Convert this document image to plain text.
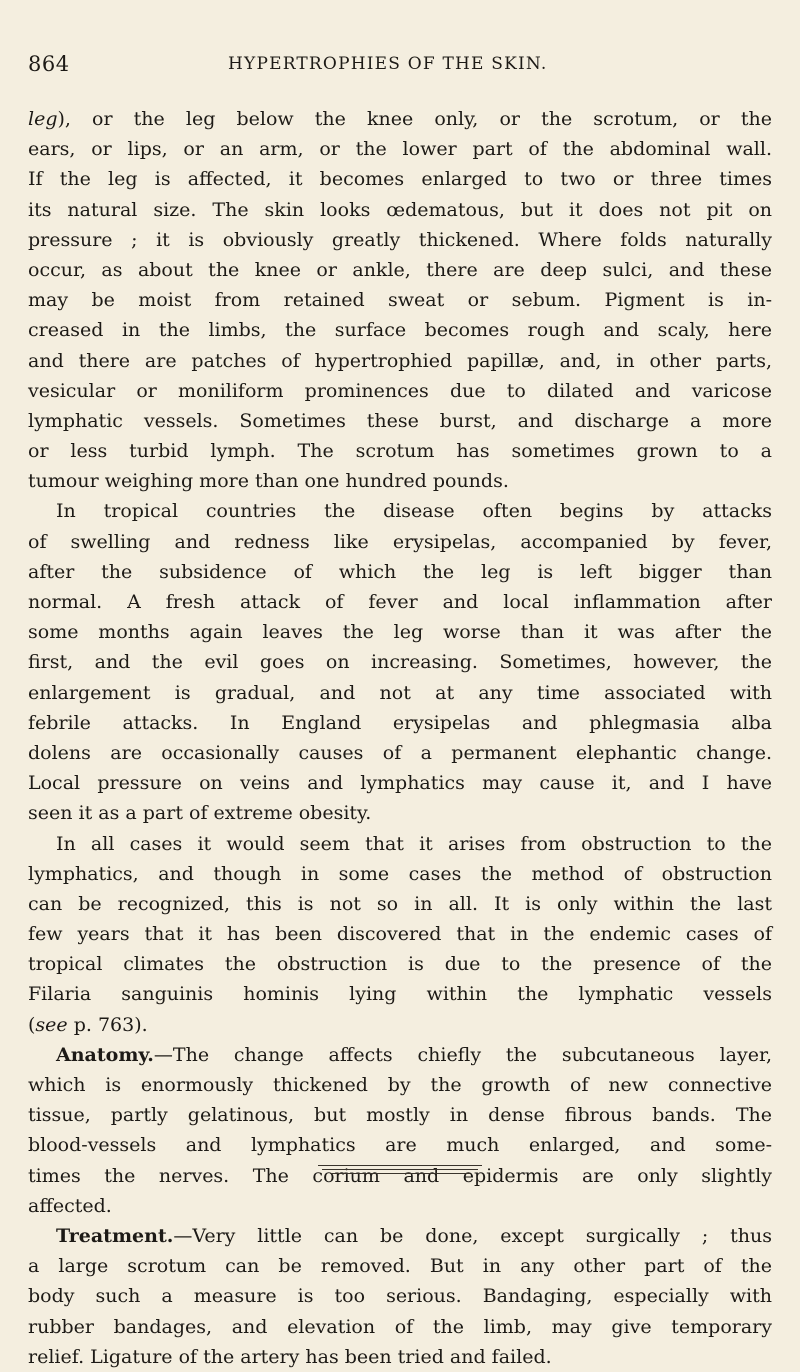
864	HYPERTROPHIES OF THE SKIN.
leg), or the leg below the knee only, or the scrotum, or the
ears, or lips, or an arm, or the lower part of the abdominal wall.
If the leg is affected, it becomes enlarged to two or three times
its natural size. The skin looks œdematous, but it does not pit on
pressure ; it is obviously greatly thickened. Where folds naturally
occur, as about the knee or ankle, there are deep sulci, and these
may be moist from retained sweat or sebum. Pigment is in-
creased in the limbs, the surface becomes rough and scaly, here
and there are patches of hypertrophied papillæ, and, in other parts,
vesicular or moniliform prominences due to dilated and varicose
lymphatic vessels. Sometimes these burst, and discharge a more
or less turbid lymph. The scrotum has sometimes grown to a
tumour weighing more than one hundred pounds.
In tropical countries the disease often begins by attacks
of swelling and redness like erysipelas, accompanied by fever,
after the subsidence of which the leg is left bigger than
normal. A fresh attack of fever and local inflammation after
some months again leaves the leg worse than it was after the
first, and the evil goes on increasing. Sometimes, however, the
enlargement is gradual, and not at any time associated with
febrile attacks. In England erysipelas and phlegmasia alba
dolens are occasionally causes of a permanent elephantic change.
Local pressure on veins and lymphatics may cause it, and I have
seen it as a part of extreme obesity.
In all cases it would seem that it arises from obstruction to the
lymphatics, and though in some cases the method of obstruction
can be recognized, this is not so in all. It is only within the last
few years that it has been discovered that in the endemic cases of
tropical climates the obstruction is due to the presence of the
Filaria sanguinis hominis lying within the lymphatic vessels
(see p. 763).
Anatomy.—The change affects chiefly the subcutaneous layer,
which is enormously thickened by the growth of new connective
tissue, partly gelatinous, but mostly in dense fibrous bands. The
blood-vessels and lymphatics are much enlarged, and some-
times the nerves. The corium and epidermis are only slightly
affected.
Treatment.—Very little can be done, except surgically ; thus
a large scrotum can be removed. But in any other part of the
body such a measure is too serious. Bandaging, especially with
rubber bandages, and elevation of the limb, may give temporary
relief. Ligature of the artery has been tried and failed.
